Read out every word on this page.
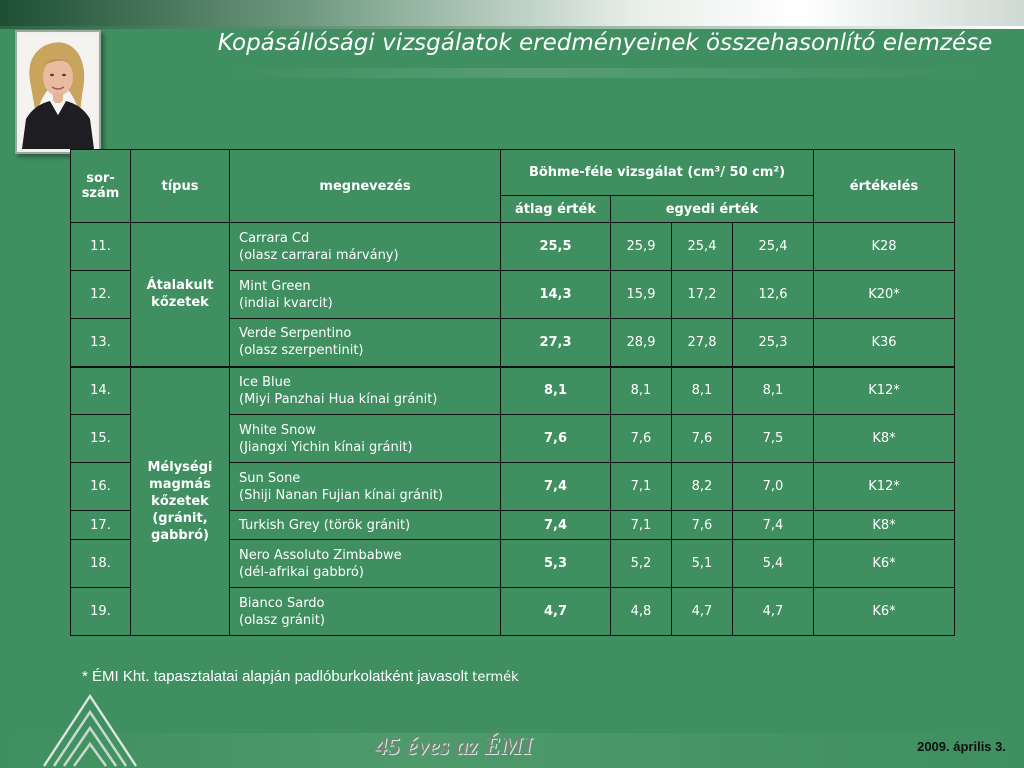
Kopásállósági vizsgálatok eredményeinek összehasonlító elemzése
sor-szám	típus	megnevezés	Böhme-féle vizsgálat (cm³/ 50 cm²)				értékelés
			átlag érték	egyedi érték			
11.	Átalakult kőzetek	Carrara Cd
(olasz carrarai márvány)	25,5	25,9	25,4	25,4	K28
12.		Mint Green
(indiai kvarcit)	14,3	15,9	17,2	12,6	K20*
13.		Verde Serpentino
(olasz szerpentinit)	27,3	28,9	27,8	25,3	K36
14.	Mélységi magmás kőzetek (gránit, gabbró)	Ice Blue
(Miyi Panzhai Hua kínai gránit)	8,1	8,1	8,1	8,1	K12*
15.		White Snow
(Jiangxi Yichin kínai gránit)	7,6	7,6	7,6	7,5	K8*
16.		Sun Sone
(Shiji Nanan Fujian kínai gránit)	7,4	7,1	8,2	7,0	K12*
17.		Turkish Grey (török gránit)	7,4	7,1	7,6	7,4	K8*
18.		Nero Assoluto Zimbabwe
(dél-afrikai gabbró)	5,3	5,2	5,1	5,4	K6*
19.		Bianco Sardo
(olasz gránit)	4,7	4,8	4,7	4,7	K6*
* ÉMI Kht. tapasztalatai alapján padlóburkolatként javasolt termék
45 éves az ÉMI	2009. április 3.
